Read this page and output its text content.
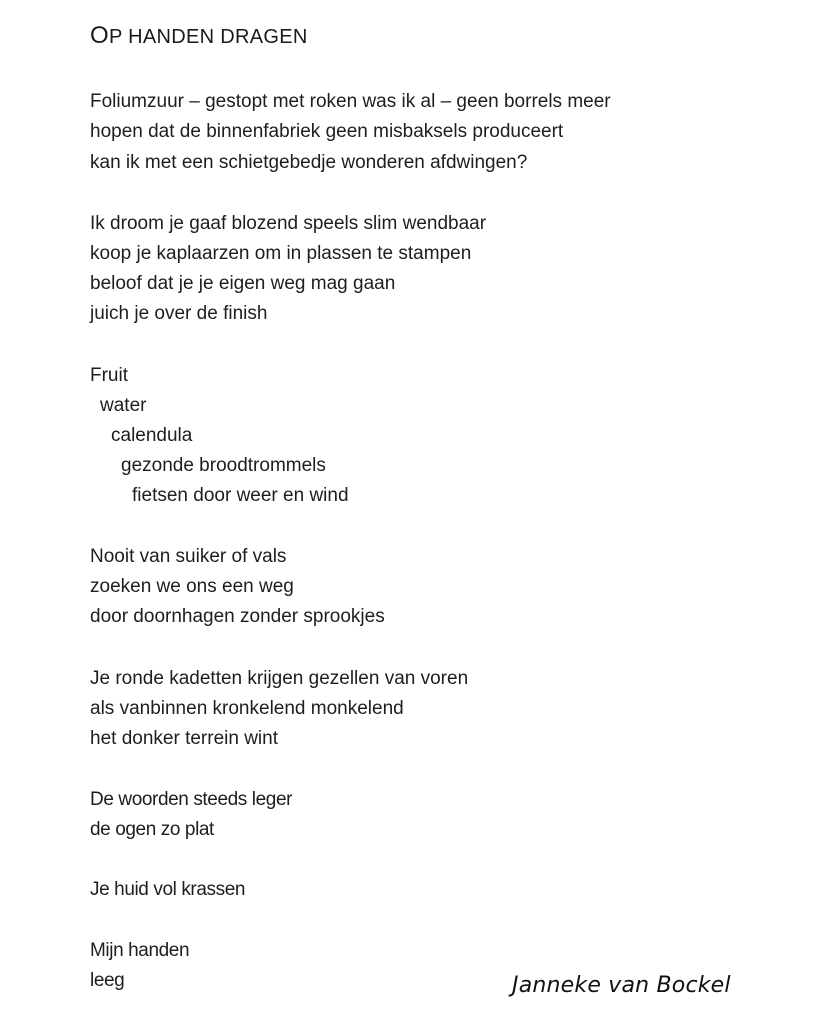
OP HANDEN DRAGEN
Foliumzuur – gestopt met roken was ik al – geen borrels meer
hopen dat de binnenfabriek geen misbaksels produceert
kan ik met een schietgebedje wonderen afdwingen?
Ik droom je gaaf blozend speels slim wendbaar
koop je kaplaarzen om in plassen te stampen
beloof dat je je eigen weg mag gaan
juich je over de finish
Fruit
water
calendula
gezonde broodtrommels
fietsen door weer en wind
Nooit van suiker of vals
zoeken we ons een weg
door doornhagen zonder sprookjes
Je ronde kadetten krijgen gezellen van voren
als vanbinnen kronkelend monkelend
het donker terrein wint
De woorden steeds leger
de ogen zo plat
Je huid vol krassen
Mijn handen
leeg	Janneke van Bockel
